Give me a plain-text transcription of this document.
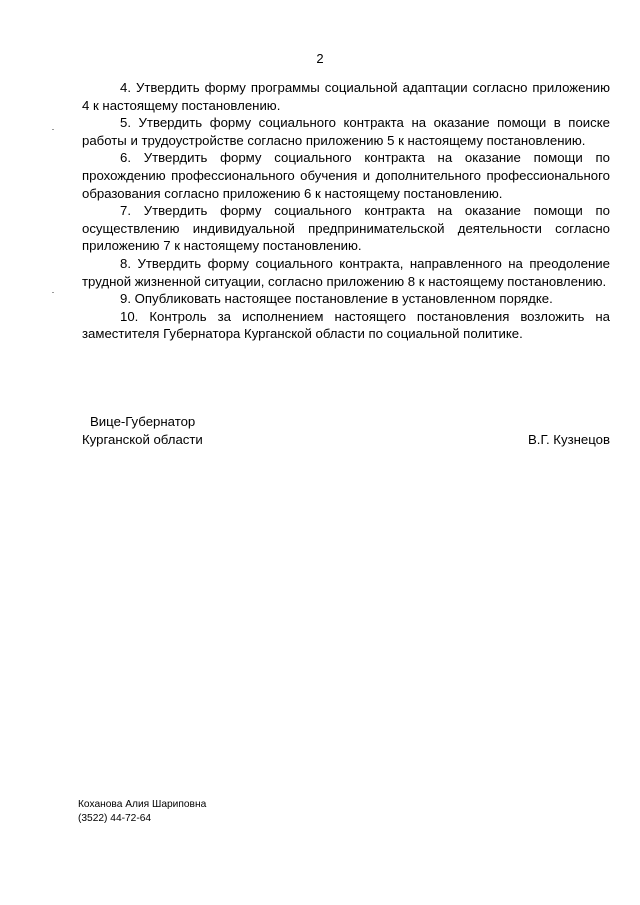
2

4. Утвердить форму программы социальной адаптации согласно приложению 4 к настоящему постановлению.

5. Утвердить форму социального контракта на оказание помощи в поиске работы и трудоустройстве согласно приложению 5 к настоящему постановлению.

6. Утвердить форму социального контракта на оказание помощи по прохождению профессионального обучения и дополнительного профессионального образования согласно приложению 6 к настоящему постановлению.

7. Утвердить форму социального контракта на оказание помощи по осуществлению индивидуальной предпринимательской деятельности согласно приложению 7 к настоящему постановлению.

8. Утвердить форму социального контракта, направленного на преодоление трудной жизненной ситуации, согласно приложению 8 к настоящему постановлению.

9. Опубликовать настоящее постановление в установленном порядке.

10. Контроль за исполнением настоящего постановления возложить на заместителя Губернатора Курганской области по социальной политике.

Вице-Губернатор
Курганской области	В.Г. Кузнецов
Коханова Алия Шариповна
(3522) 44-72-64
